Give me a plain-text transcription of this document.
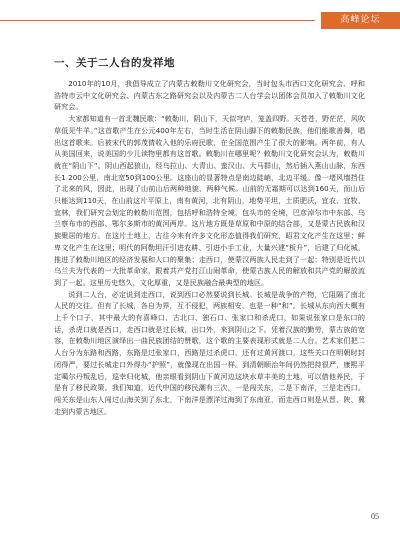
高峰论坛
一、关于二人台的发祥地

2010年的10月，我倡导成立了内蒙古敕勒川文化研究会，当时包头市西口文化研究会、呼和浩特市云中文化研究会、内蒙古东之路研究会以及内蒙古二人台学会以团体会员加入了敕勒川文化研究会。

大家都知道有一首北魏民歌：“敕勒川，阴山下，天似穹庐，笼盖四野。天苍苍，野茫茫，风吹草低见牛羊。”这首歌产生在公元400年左右，当时生活在阴山脚下的敕勒民族，他们能歌善舞，唱出这首歌来。后被宋代的郭茂倩收入他的乐府民歌，在全国范围产生了很大的影响。两年前，有人从美国回来，说美国的少儿读物里都有这首歌。敕勒川在哪里呢？敕勒川文化研究会认为，敕勒川就在“阴山下”。阴山西起狼山，经乌拉山、大青山、蛮汉山、大马群山，然后插入燕山山脉，东西长1 200公里，南北宽50到100公里。这座山的显著特点是南边陡峭，北边平缓。像一堵风墙挡住了北来的风，因此，出现了山前山后两种地貌、两种气候。山前的无霜期可以达到160天，而山后只能达到110天，在山前这片平原上，南有黄河，北有阴山，地势平坦，土质肥沃，宜农、宜牧、宜林，我们研究会划定的敕勒川范围，包括呼和浩特全境，包头市的全境，巴彦淖尔市中东部、乌兰察布市的西部、鄂尔多斯市的黄河两岸。这片地方既是草原和中原的结合部，又是蒙古民族和汉族聚居的地方。在这片土地上，古往今来有许多文化形态值得我们研究，昭君文化产生在这里；鲜卑文化产生在这里；明代的阿勒坦汗引进农耕、引进小手工业，大量兴建“板升”，后建了归化城，推进了敕勒川地区的经济发展和人口的聚集；走西口，使蒙汉两族人民走到了一起；特别是近代以乌兰夫为代表的一大批革命家，跟着共产党打江山闹革命，使蒙古族人民的解放和共产党的解放流到了一起。这里历史悠久，文化厚重，又是民族融合最典型的地区。

说到二人台，必定说到走西口，说到西口必然要说到长城。长城是战争的产物，它阻隔了南北人民的交往。但有了长城，各自为界，互不侵犯，两族相安，也是一种“和”。长城从东向西大概有上千个口子，其中最大的有喜峰口、古北口、独石口、张家口和杀虎口，如果说张家口是东口的话，杀虎口就是西口，走西口就是过长城，出口外，来到阴山之下。凭着汉族的勤劳，蒙古族的宽容，在敕勒川地区演绎出一曲民族团结的赞歌，这个歌的主要表现形式就是二人台。艺术家们把二人台分为东路和西路，东路是过张家口，西路是过杀虎口，还有过黄河渡口，这些关口在明朝时封闭得严，要过长城走口外得办“护照”，就像现在出国一样。到清朝顺治年间仍然把持很严，康熙平定噶尔丹叛乱后，巡幸归化城，他亲眼看到阴山下黄河边这块水草丰美的土地，可以借他养民，于是有了移民政策。我们知道，近代中国的移民潮有三次，一是闯关东，二是下南洋，三是走西口。闯关东是山东人闯过山海关到了东北，下南洋是漂洋过海到了东南亚，而走西口则是从晋、陕、冀走到内蒙古地区。

05
